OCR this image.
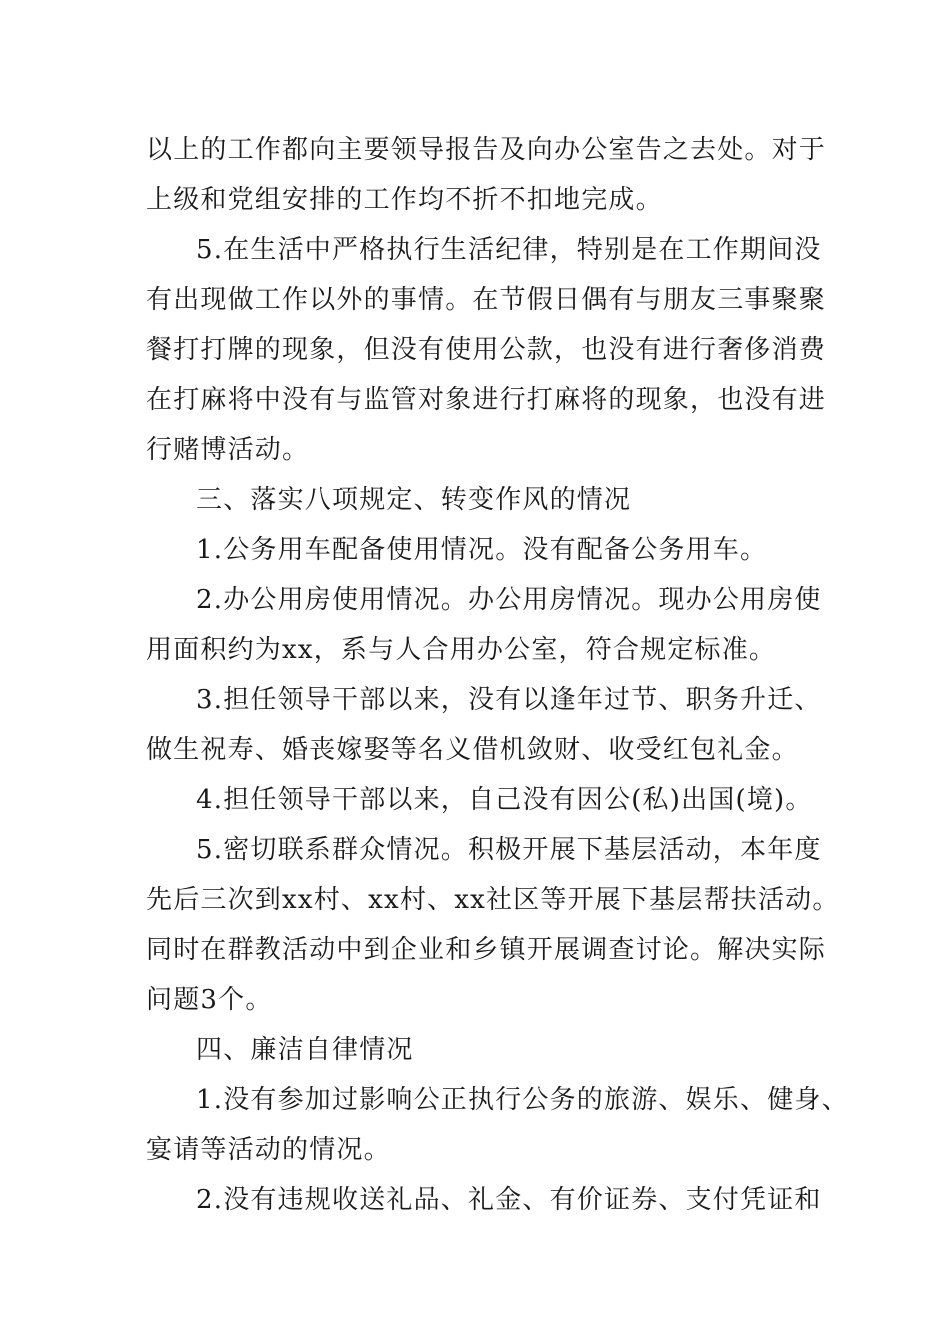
以上的工作都向主要领导报告及向办公室告之去处。对于
上级和党组安排的工作均不折不扣地完成。
5.在生活中严格执行生活纪律，特别是在工作期间没
有出现做工作以外的事情。在节假日偶有与朋友三事聚聚
餐打打牌的现象，但没有使用公款，也没有进行奢侈消费
在打麻将中没有与监管对象进行打麻将的现象，也没有进
行赌博活动。
三、落实八项规定、转变作风的情况
1.公务用车配备使用情况。没有配备公务用车。
2.办公用房使用情况。办公用房情况。现办公用房使
用面积约为xx，系与人合用办公室，符合规定标准。
3.担任领导干部以来，没有以逢年过节、职务升迁、
做生祝寿、婚丧嫁娶等名义借机敛财、收受红包礼金。
4.担任领导干部以来，自己没有因公(私)出国(境)。
5.密切联系群众情况。积极开展下基层活动，本年度
先后三次到xx村、xx村、xx社区等开展下基层帮扶活动。
同时在群教活动中到企业和乡镇开展调查讨论。解决实际
问题3个。
四、廉洁自律情况
1.没有参加过影响公正执行公务的旅游、娱乐、健身、
宴请等活动的情况。
2.没有违规收送礼品、礼金、有价证券、支付凭证和
